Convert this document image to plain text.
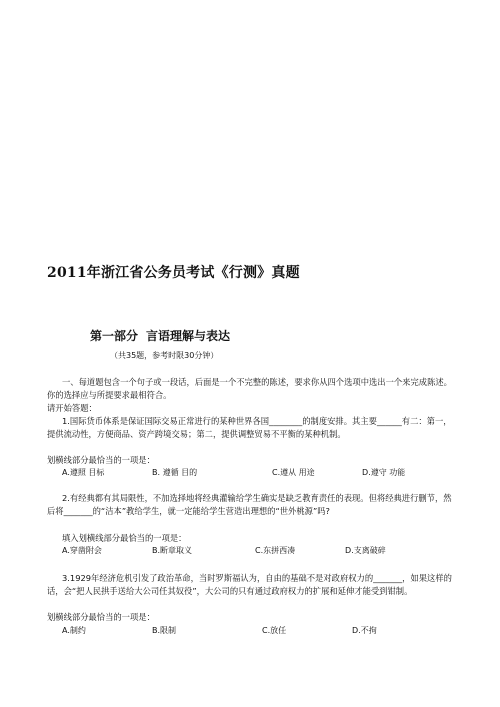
2011年浙江省公务员考试《行测》真题
第一部分 言语理解与表达
（共35题，参考时限30分钟）
一、每道题包含一个句子或一段话，后面是一个不完整的陈述，要求你从四个选项中选出一个来完成陈述。你的选择应与所提要求最相符合。
请开始答题：
1.国际货币体系是保证国际交易正常进行的某种世界各国________的制度安排。其主要______有二：第一，提供流动性，方便商品、资产跨境交易；第二，提供调整贸易不平衡的某种机制。
划横线部分最恰当的一项是：
A.遵照 目标	B. 遵循 目的	C.遵从 用途	D.遵守 功能
2.有经典都有其局限性，不加选择地将经典灌输给学生确实是缺乏教育责任的表现。但将经典进行删节，然后将_______的“洁本”教给学生，就一定能给学生营造出理想的“世外桃源”吗?
填入划横线部分最恰当的一项是：
A.穿凿附会	B.断章取义	C.东拼西凑	D.支离破碎
3.1929年经济危机引发了政治革命，当时罗斯福认为，自由的基础不是对政府权力的_______，如果这样的话，会“把人民拱手送给大公司任其奴役”，大公司的只有通过政府权力的扩展和延伸才能受到钳制。
划横线部分最恰当的一项是：
A.制约	B.限制	C.放任	D.不拘
